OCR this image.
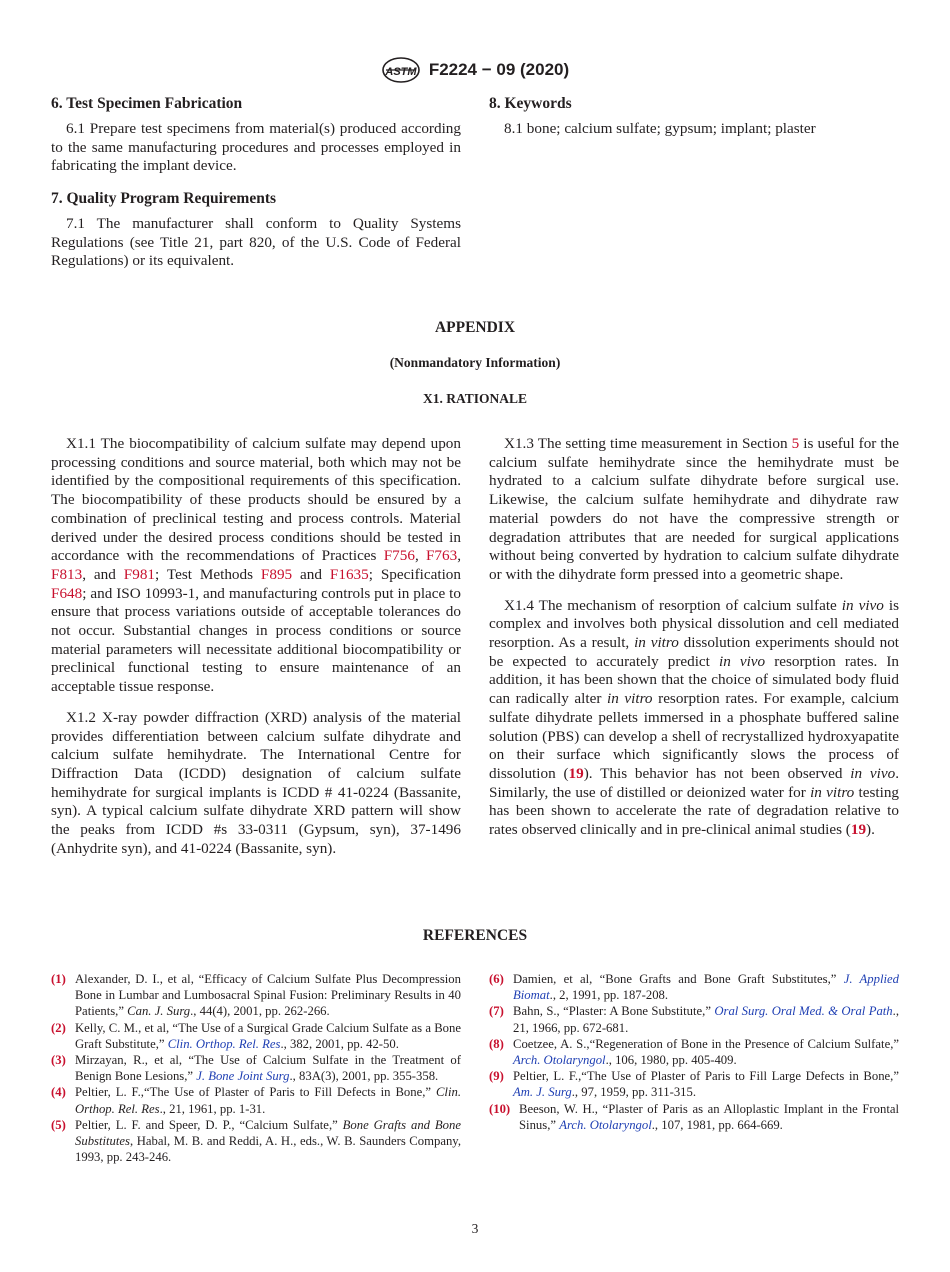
ASTM F2224 − 09 (2020)
6. Test Specimen Fabrication

6.1 Prepare test specimens from material(s) produced according to the same manufacturing procedures and processes employed in fabricating the implant device.

7. Quality Program Requirements

7.1 The manufacturer shall conform to Quality Systems Regulations (see Title 21, part 820, of the U.S. Code of Federal Regulations) or its equivalent.

8. Keywords

8.1 bone; calcium sulfate; gypsum; implant; plaster

APPENDIX
(Nonmandatory Information)
X1. RATIONALE

X1.1 The biocompatibility of calcium sulfate may depend upon processing conditions and source material, both which may not be identified by the compositional requirements of this specification. The biocompatibility of these products should be ensured by a combination of preclinical testing and process controls. Material derived under the desired process conditions should be tested in accordance with the recommendations of Practices F756, F763, F813, and F981; Test Methods F895 and F1635; Specification F648; and ISO 10993-1, and manufacturing controls put in place to ensure that process variations outside of acceptable tolerances do not occur. Substantial changes in process conditions or source material parameters will necessitate additional biocompatibility or preclinical functional testing to ensure maintenance of an acceptable tissue response.

X1.2 X-ray powder diffraction (XRD) analysis of the material provides differentiation between calcium sulfate dihydrate and calcium sulfate hemihydrate. The International Centre for Diffraction Data (ICDD) designation of calcium sulfate hemihydrate for surgical implants is ICDD # 41-0224 (Bassanite, syn). A typical calcium sulfate dihydrate XRD pattern will show the peaks from ICDD #s 33-0311 (Gypsum, syn), 37-1496 (Anhydrite syn), and 41-0224 (Bassanite, syn).

X1.3 The setting time measurement in Section 5 is useful for the calcium sulfate hemihydrate since the hemihydrate must be hydrated to a calcium sulfate dihydrate before surgical use. Likewise, the calcium sulfate hemihydrate and dihydrate raw material powders do not have the compressive strength or degradation attributes that are needed for surgical applications without being converted by hydration to calcium sulfate dihydrate or with the dihydrate form pressed into a geometric shape.

X1.4 The mechanism of resorption of calcium sulfate in vivo is complex and involves both physical dissolution and cell mediated resorption. As a result, in vitro dissolution experiments should not be expected to accurately predict in vivo resorption rates. In addition, it has been shown that the choice of simulated body fluid can radically alter in vitro resorption rates. For example, calcium sulfate dihydrate pellets immersed in a phosphate buffered saline solution (PBS) can develop a shell of recrystallized hydroxyapatite on their surface which significantly slows the process of dissolution (19). This behavior has not been observed in vivo. Similarly, the use of distilled or deionized water for in vitro testing has been shown to accelerate the rate of degradation relative to rates observed clinically and in pre-clinical animal studies (19).

REFERENCES

(1) Alexander, D. I., et al, “Efficacy of Calcium Sulfate Plus Decompression Bone in Lumbar and Lumbosacral Spinal Fusion: Preliminary Results in 40 Patients,” Can. J. Surg., 44(4), 2001, pp. 262-266.

(2) Kelly, C. M., et al, “The Use of a Surgical Grade Calcium Sulfate as a Bone Graft Substitute,” Clin. Orthop. Rel. Res., 382, 2001, pp. 42-50.

(3) Mirzayan, R., et al, “The Use of Calcium Sulfate in the Treatment of Benign Bone Lesions,” J. Bone Joint Surg., 83A(3), 2001, pp. 355-358.

(4) Peltier, L. F.,“The Use of Plaster of Paris to Fill Defects in Bone,” Clin. Orthop. Rel. Res., 21, 1961, pp. 1-31.

(5) Peltier, L. F. and Speer, D. P., “Calcium Sulfate,” Bone Grafts and Bone Substitutes, Habal, M. B. and Reddi, A. H., eds., W. B. Saunders Company, 1993, pp. 243-246.

(6) Damien, et al, “Bone Grafts and Bone Graft Substitutes,” J. Applied Biomat., 2, 1991, pp. 187-208.

(7) Bahn, S., “Plaster: A Bone Substitute,” Oral Surg. Oral Med. & Oral Path., 21, 1966, pp. 672-681.

(8) Coetzee, A. S.,“Regeneration of Bone in the Presence of Calcium Sulfate,” Arch. Otolaryngol., 106, 1980, pp. 405-409.

(9) Peltier, L. F.,“The Use of Plaster of Paris to Fill Large Defects in Bone,” Am. J. Surg., 97, 1959, pp. 311-315.

(10) Beeson, W. H., “Plaster of Paris as an Alloplastic Implant in the Frontal Sinus,” Arch. Otolaryngol., 107, 1981, pp. 664-669.

3
